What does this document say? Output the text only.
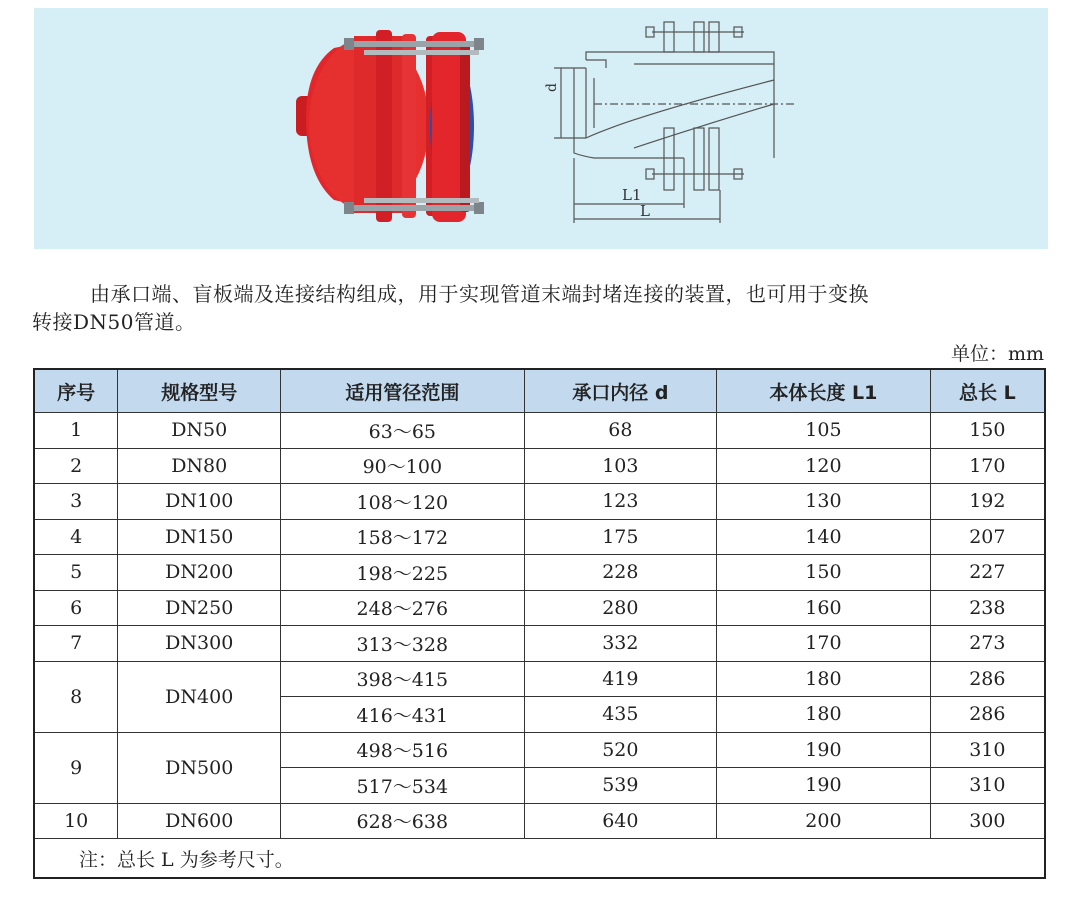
d
L1
L

由承口端、盲板端及连接结构组成，用于实现管道末端封堵连接的装置，也可用于变换

转接DN50管道。
单位：mm
序号	规格型号	适用管径范围	承口内径 d	本体长度 L1	总长 L
1	DN50	63～65	68	105	150
2	DN80	90～100	103	120	170
3	DN100	108～120	123	130	192
4	DN150	158～172	175	140	207
5	DN200	198～225	228	150	227
6	DN250	248～276	280	160	238
7	DN300	313～328	332	170	273
8	DN400	398～415	419	180	286
		416～431	435	180	286
9	DN500	498～516	520	190	310
		517～534	539	190	310
10	DN600	628～638	640	200	300
注：总长 L 为参考尺寸。					
